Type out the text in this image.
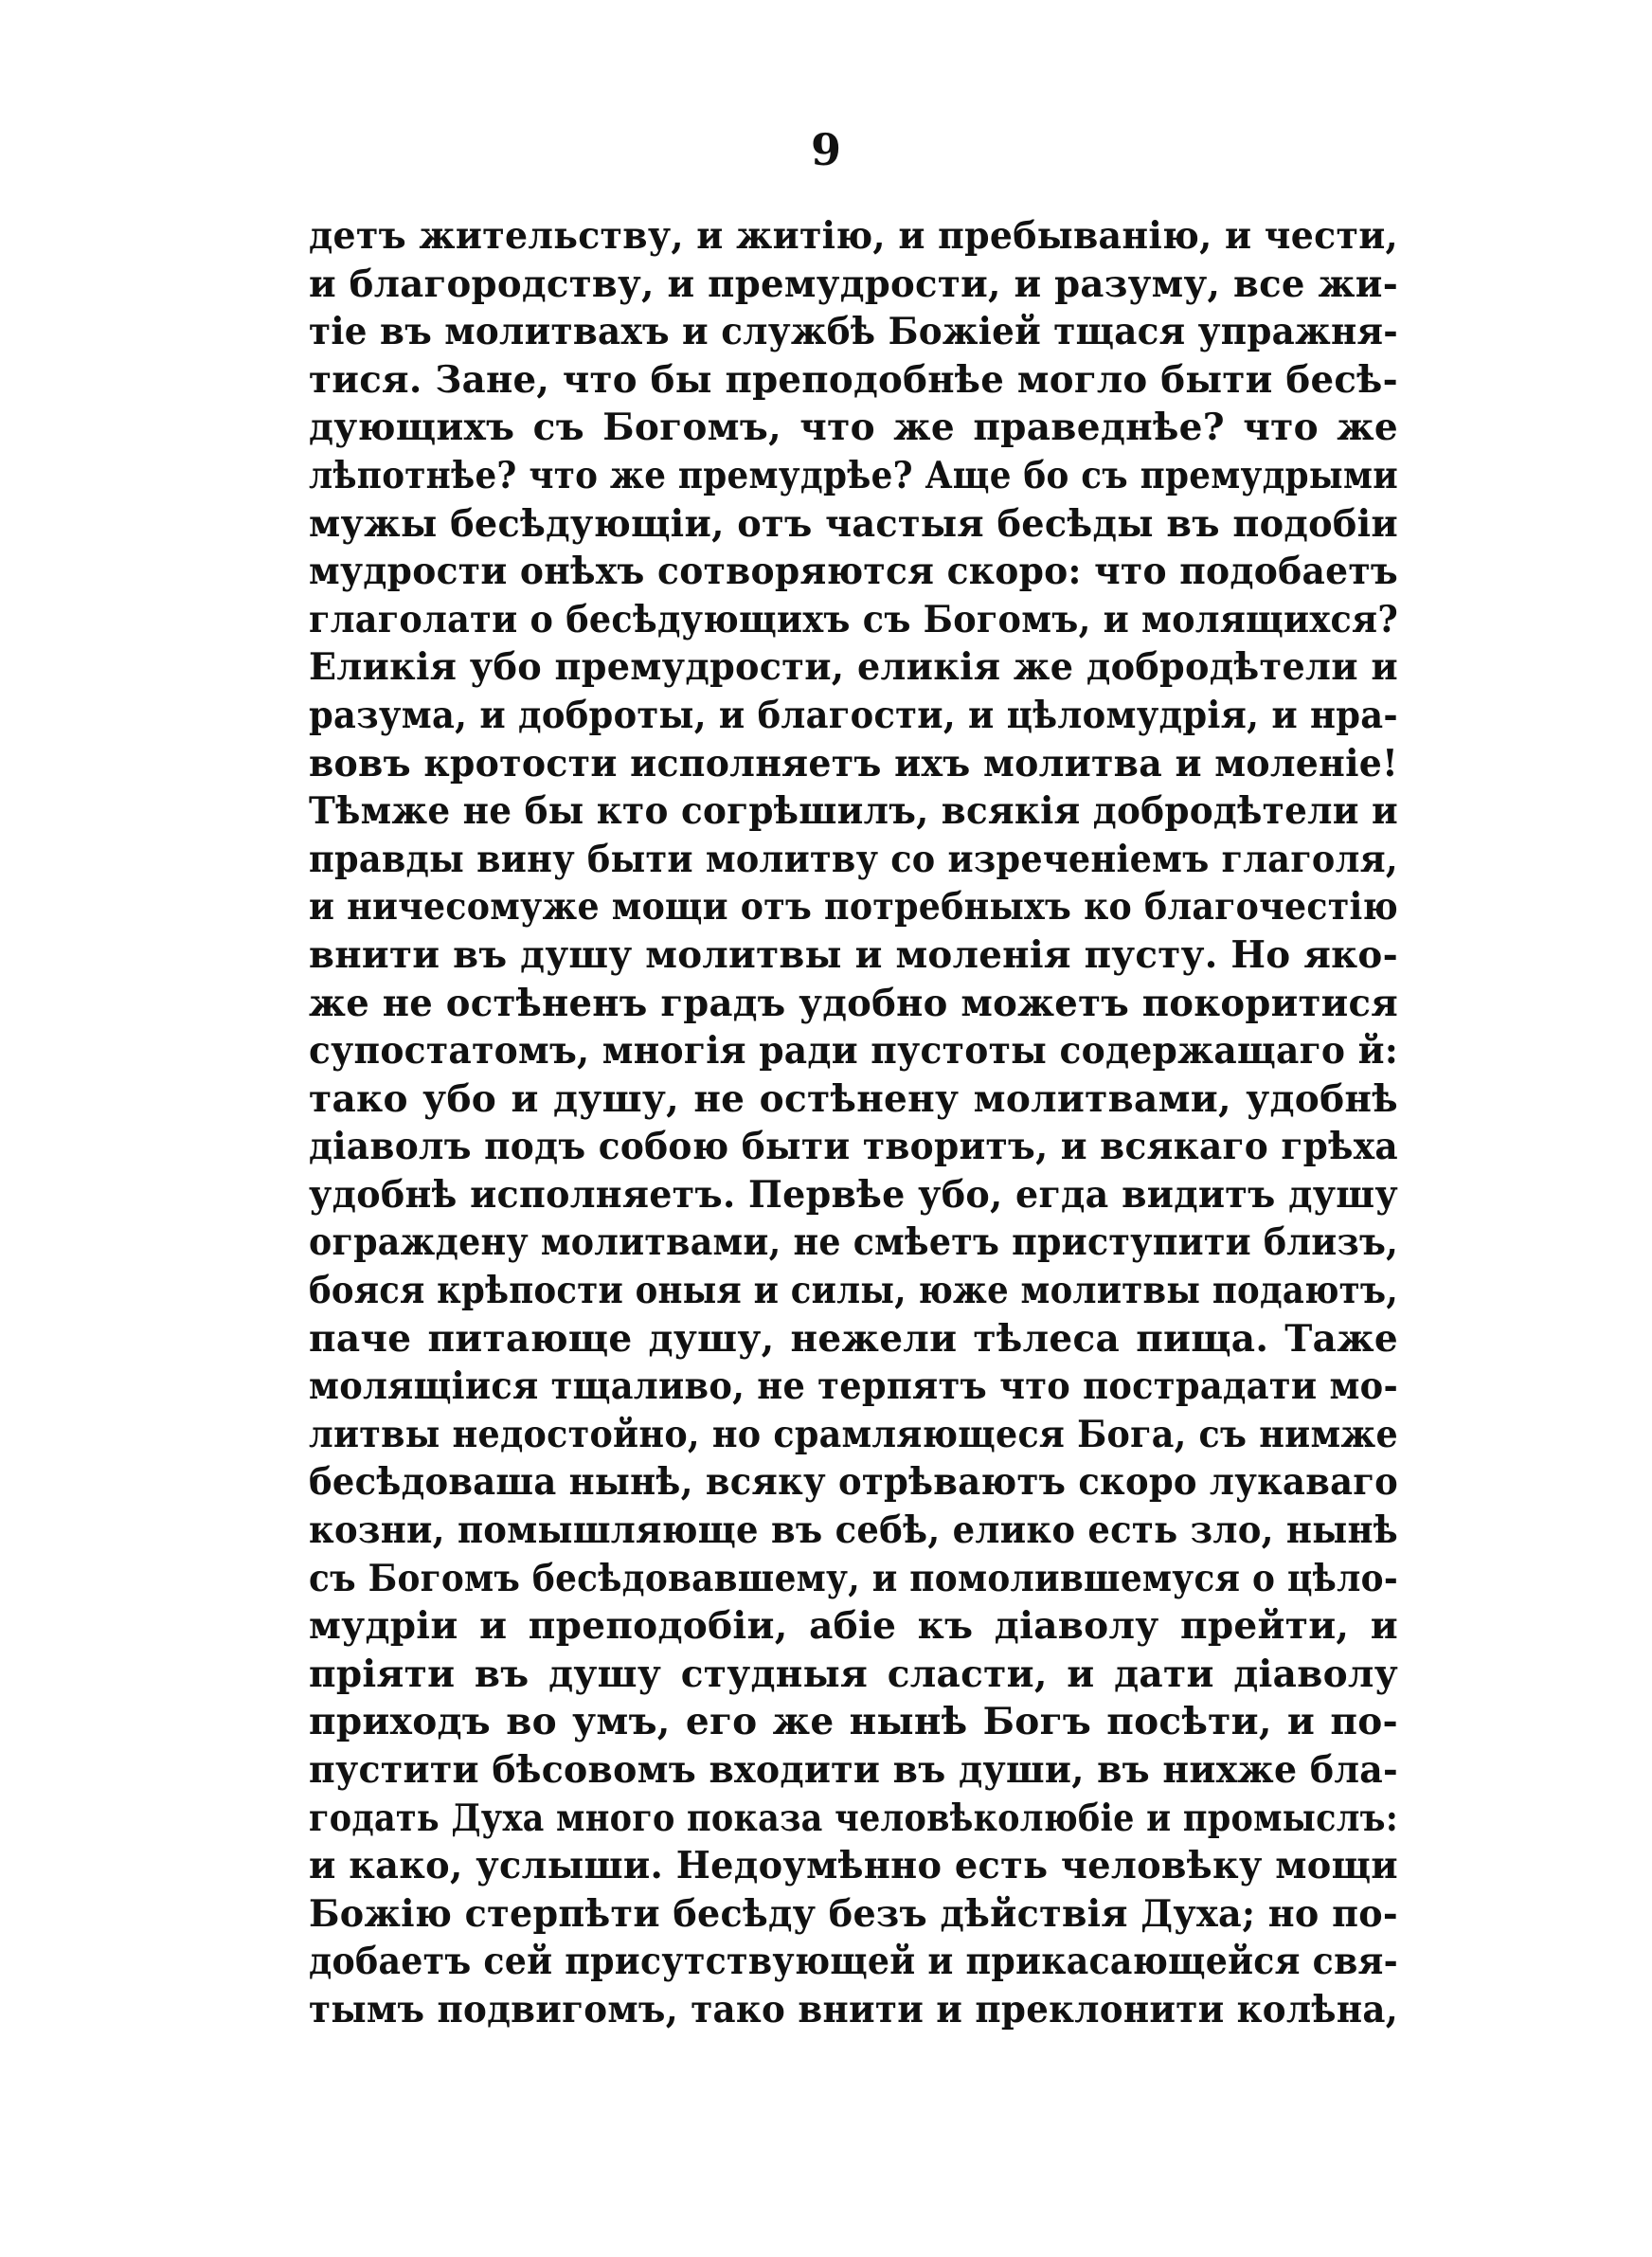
9
детъ жительству, и житію, и пребыванію, и чести,
и благородству, и премудрости, и разуму, все жи-
тіе въ молитвахъ и службѣ Божіей тщася упражня-
тися. Зане, что бы преподобнѣе могло быти бесѣ-
дующихъ съ Богомъ, что же праведнѣе? что же
лѣпотнѣе? что же премудрѣе? Аще бо съ премудрыми
мужы бесѣдующіи, отъ частыя бесѣды въ подобіи
мудрости онѣхъ сотворяются скоро: что подобаетъ
глаголати о бесѣдующихъ съ Богомъ, и молящихся?
Еликія убо премудрости, еликія же добродѣтели и
разума, и доброты, и благости, и цѣломудрія, и нра-
вовъ кротости исполняетъ ихъ молитва и моленіе!
Тѣмже не бы кто согрѣшилъ, всякія добродѣтели и
правды вину быти молитву со изреченіемъ глаголя,
и ничесомуже мощи отъ потребныхъ ко благочестію
внити въ душу молитвы и моленія пусту. Но яко-
же не остѣненъ градъ удобно можетъ покоритися
супостатомъ, многія ради пустоты содержащаго й:
тако убо и душу, не остѣнену молитвами, удобнѣ
діаволъ подъ собою быти творитъ, и всякаго грѣха
удобнѣ исполняетъ. Первѣе убо, егда видитъ душу
ограждену молитвами, не смѣетъ приступити близъ,
бояся крѣпости оныя и силы, юже молитвы подаютъ,
паче питающе душу, нежели тѣлеса пища. Таже
молящіися тщаливо, не терпятъ что пострадати мо-
литвы недостойно, но срамляющеся Бога, съ нимже
бесѣдоваша нынѣ, всяку отрѣваютъ скоро лукаваго
козни, помышляюще въ себѣ, елико есть зло, нынѣ
съ Богомъ бесѣдовавшему, и помолившемуся о цѣло-
мудріи и преподобіи, абіе къ діаволу прейти, и
пріяти въ душу студныя сласти, и дати діаволу
приходъ во умъ, его же нынѣ Богъ посѣти, и по-
пустити бѣсовомъ входити въ души, въ нихже бла-
годать Духа много показа человѣколюбіе и промыслъ:
и како, услыши. Недоумѣнно есть человѣку мощи
Божію стерпѣти бесѣду безъ дѣйствія Духа; но по-
добаетъ сей присутствующей и прикасающейся свя-
тымъ подвигомъ, тако внити и преклонити колѣна,
